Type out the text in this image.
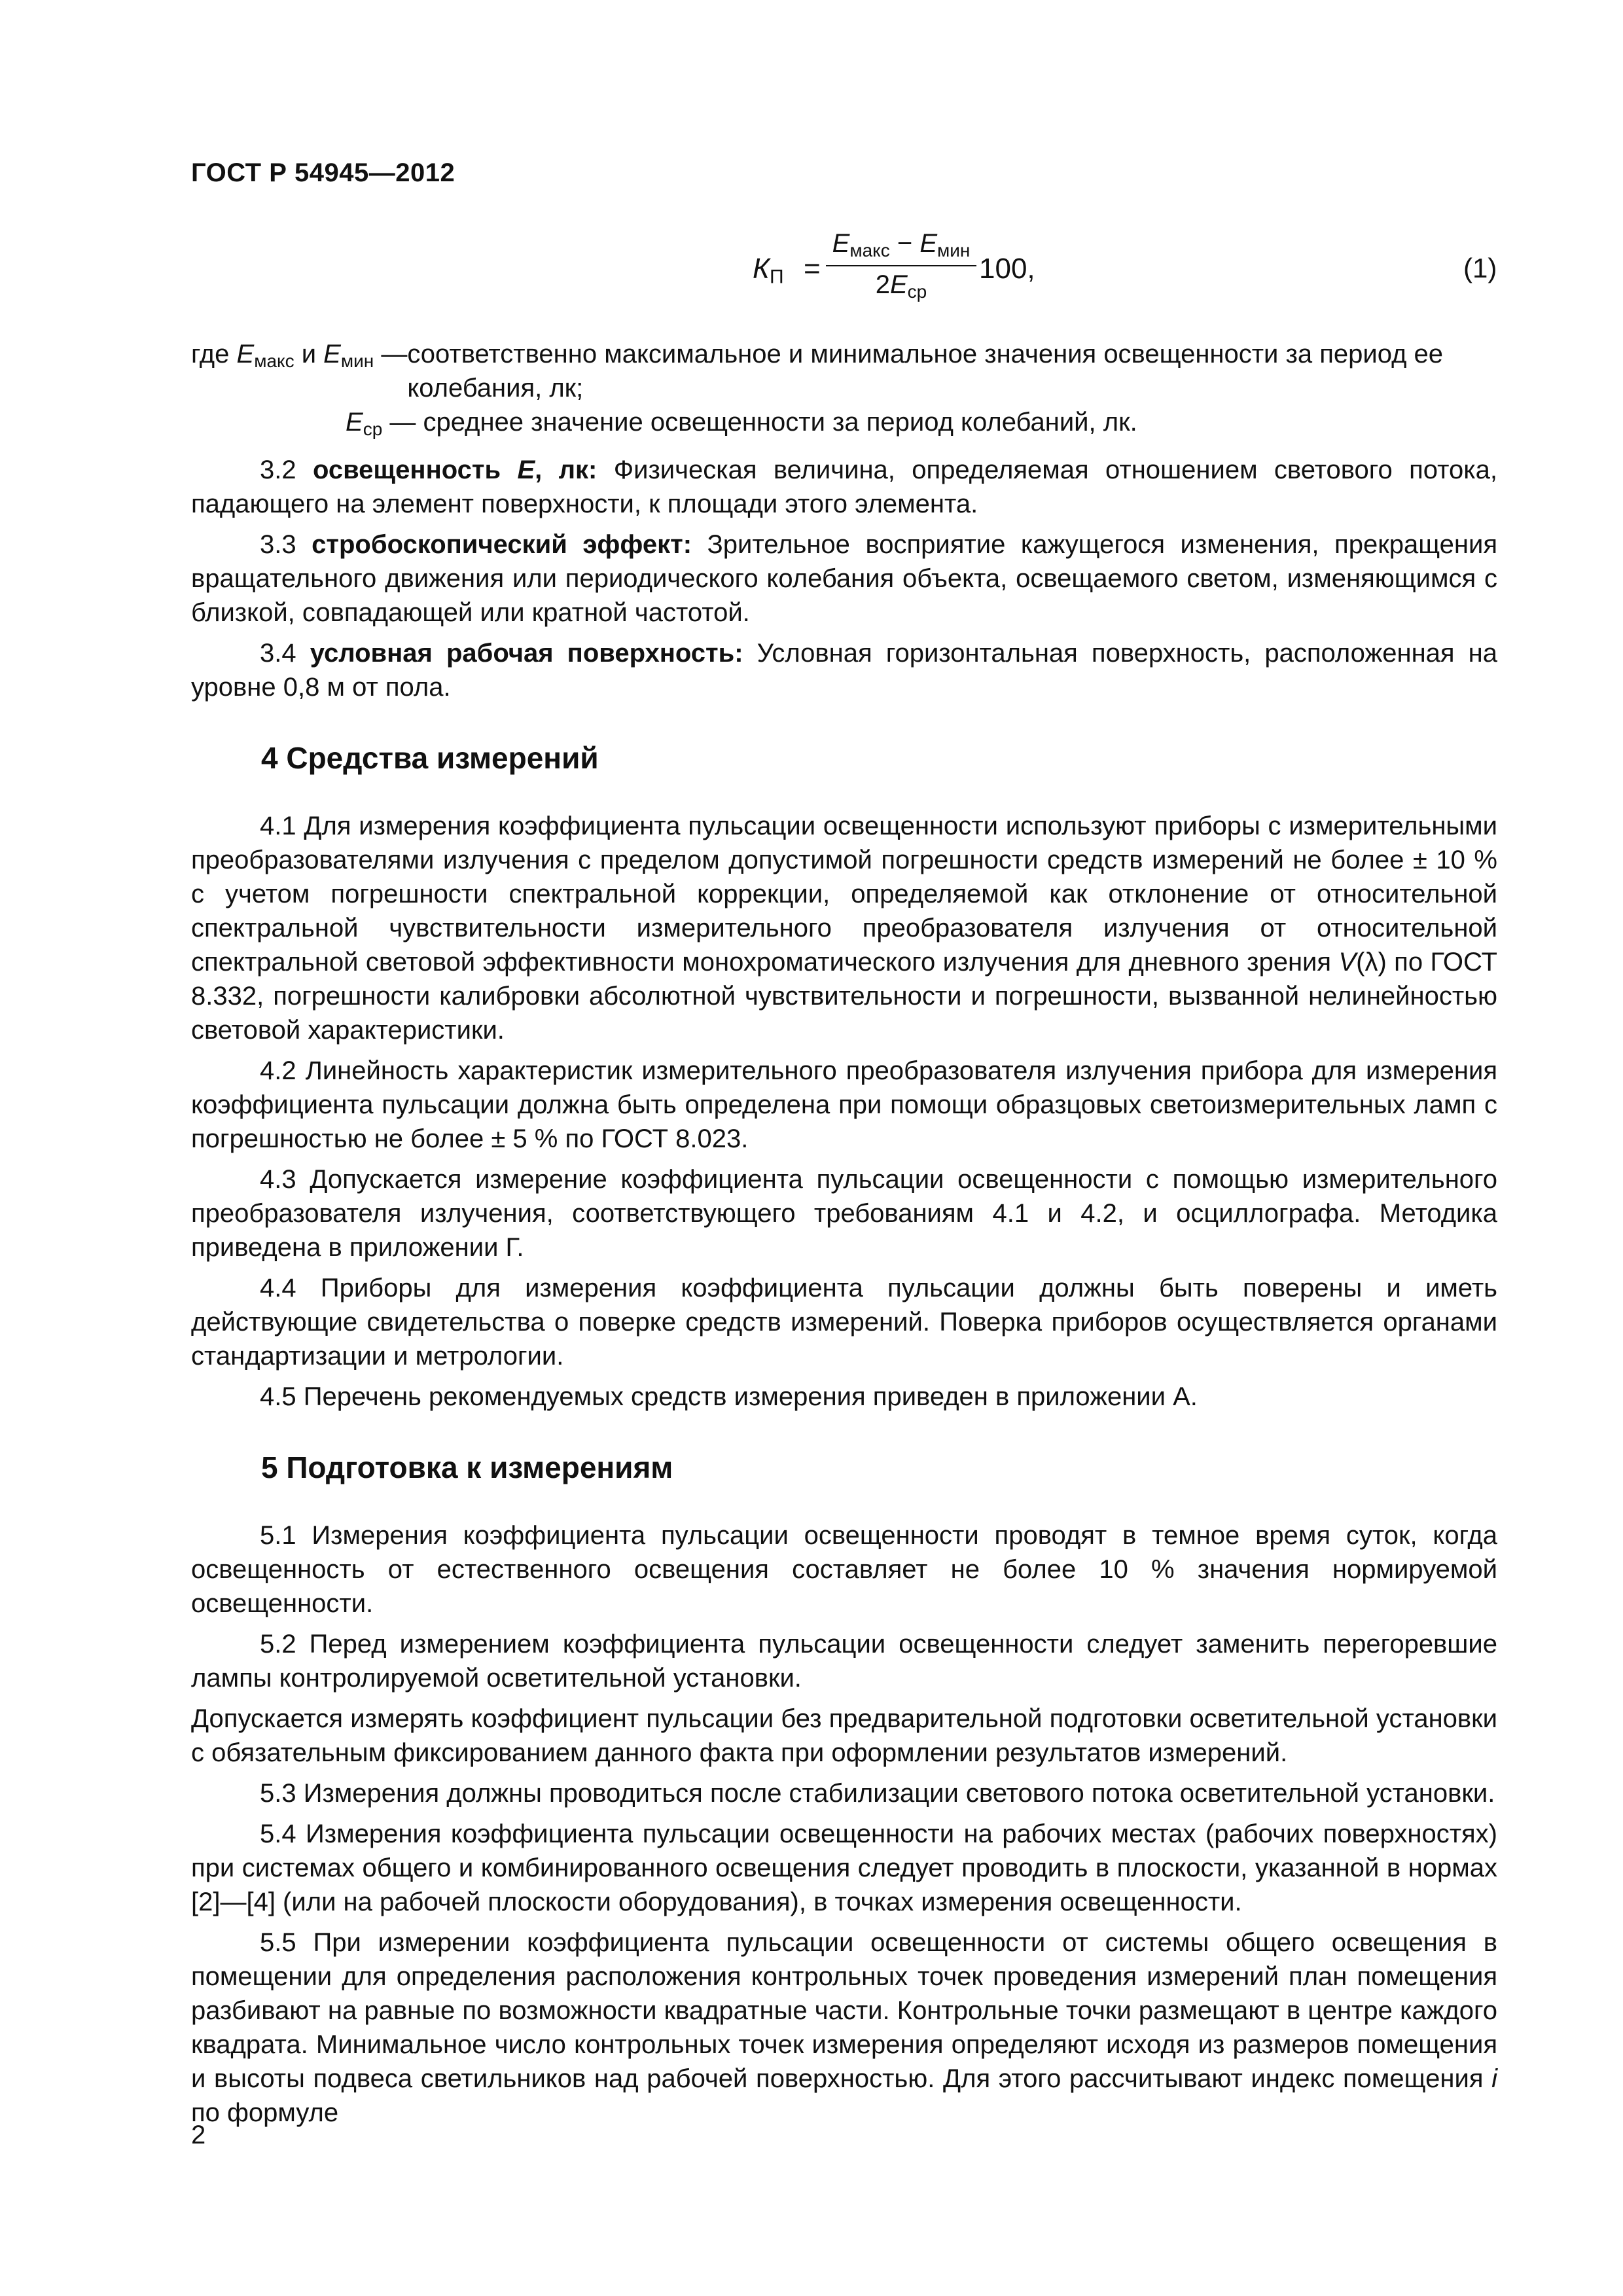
ГОСТ Р 54945—2012
$К_П$ =
$E_{макс} - E_{мин}$
$2E_{ср}$
100,	(1)
где $E_{макс}$ и $E_{мин}$ — соответственно максимальное и минимальное значения освещенности за период ее колебания, лк;
$E_{ср}$ — среднее значение освещенности за период колебаний, лк.

3.2 освещенность E, лк: Физическая величина, определяемая отношением светового потока, падающего на элемент поверхности, к площади этого элемента.

3.3 стробоскопический эффект: Зрительное восприятие кажущегося изменения, прекращения вращательного движения или периодического колебания объекта, освещаемого светом, изменяющимся с близкой, совпадающей или кратной частотой.

3.4 условная рабочая поверхность: Условная горизонтальная поверхность, расположенная на уровне 0,8 м от пола.

4 Средства измерений

4.1 Для измерения коэффициента пульсации освещенности используют приборы с измерительными преобразователями излучения с пределом допустимой погрешности средств измерений не более ± 10 % с учетом погрешности спектральной коррекции, определяемой как отклонение от относительной спектральной чувствительности измерительного преобразователя излучения от относительной спектральной световой эффективности монохроматического излучения для дневного зрения V(λ) по ГОСТ 8.332, погрешности калибровки абсолютной чувствительности и погрешности, вызванной нелинейностью световой характеристики.

4.2 Линейность характеристик измерительного преобразователя излучения прибора для измерения коэффициента пульсации должна быть определена при помощи образцовых светоизмерительных ламп с погрешностью не более ± 5 % по ГОСТ 8.023.

4.3 Допускается измерение коэффициента пульсации освещенности с помощью измерительного преобразователя излучения, соответствующего требованиям 4.1 и 4.2, и осциллографа. Методика приведена в приложении Г.

4.4 Приборы для измерения коэффициента пульсации должны быть поверены и иметь действующие свидетельства о поверке средств измерений. Поверка приборов осуществляется органами стандартизации и метрологии.

4.5 Перечень рекомендуемых средств измерения приведен в приложении А.

5 Подготовка к измерениям

5.1 Измерения коэффициента пульсации освещенности проводят в темное время суток, когда освещенность от естественного освещения составляет не более 10 % значения нормируемой освещенности.

5.2 Перед измерением коэффициента пульсации освещенности следует заменить перегоревшие лампы контролируемой осветительной установки.

Допускается измерять коэффициент пульсации без предварительной подготовки осветительной установки с обязательным фиксированием данного факта при оформлении результатов измерений.

5.3 Измерения должны проводиться после стабилизации светового потока осветительной установки.

5.4 Измерения коэффициента пульсации освещенности на рабочих местах (рабочих поверхностях) при системах общего и комбинированного освещения следует проводить в плоскости, указанной в нормах [2]—[4] (или на рабочей плоскости оборудования), в точках измерения освещенности.

5.5 При измерении коэффициента пульсации освещенности от системы общего освещения в помещении для определения расположения контрольных точек проведения измерений план помещения разбивают на равные по возможности квадратные части. Контрольные точки размещают в центре каждого квадрата. Минимальное число контрольных точек измерения определяют исходя из размеров помещения и высоты подвеса светильников над рабочей поверхностью. Для этого рассчитывают индекс помещения i по формуле

2
